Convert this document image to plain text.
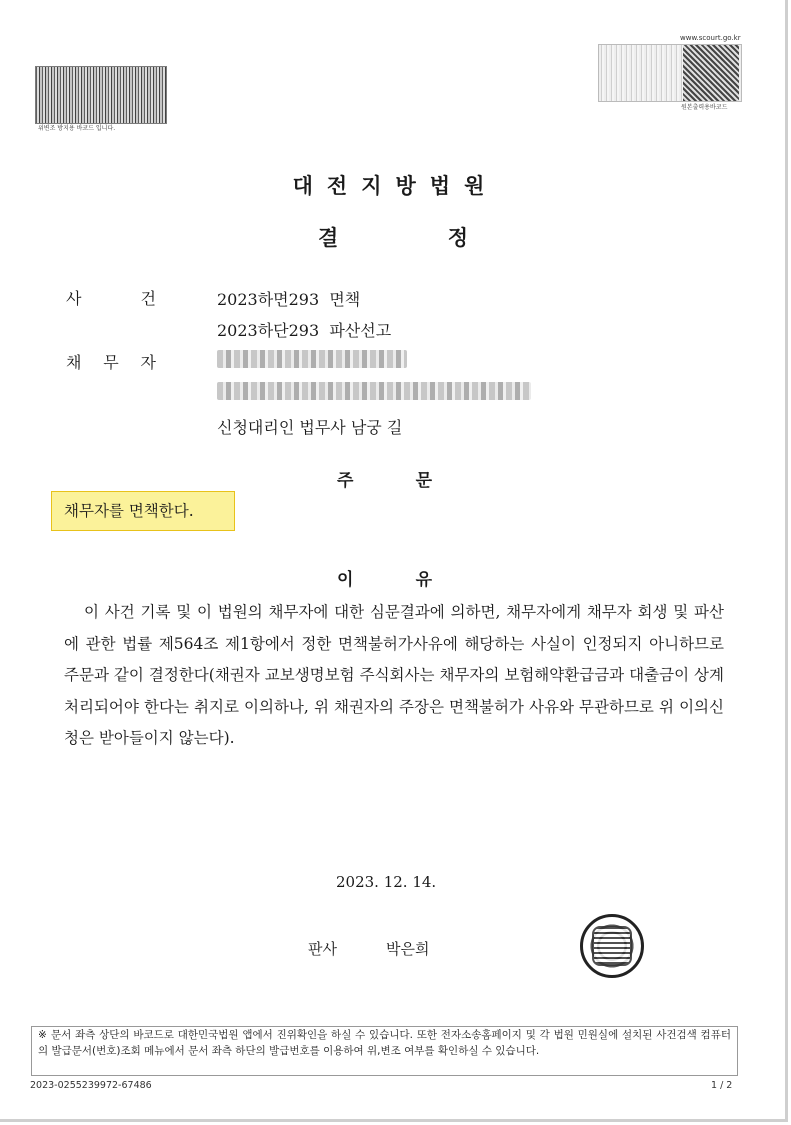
위변조 방지용 바코드 입니다.
www.scourt.go.kr
원본출력용바코드
대전지방법원
결	정
사	건	2023하면293  면책
2023하단293  파산선고
채 무 자
신청대리인 법무사 남궁 길
주	문
채무자를 면책한다.
이	유
이 사건 기록 및 이 법원의 채무자에 대한 심문결과에 의하면, 채무자에게 채무자 회생 및 파산에 관한 법률 제564조 제1항에서 정한 면책불허가사유에 해당하는 사실이 인정되지 아니하므로 주문과 같이 결정한다(채권자 교보생명보험 주식회사는 채무자의 보험해약환급금과 대출금이 상계처리되어야 한다는 취지로 이의하나, 위 채권자의 주장은 면책불허가 사유와 무관하므로 위 이의신청은 받아들이지 않는다).
2023. 12. 14.
판사	박은희
※ 문서 좌측 상단의 바코드로 대한민국법원 앱에서 진위확인을 하실 수 있습니다. 또한 전자소송홈페이지 및 각 법원 민원실에 설치된 사건검색 컴퓨터의 발급문서(번호)조회 메뉴에서 문서 좌측 하단의 발급번호를 이용하여 위,변조 여부를 확인하실 수 있습니다.
2023-0255239972-67486	1 / 2
